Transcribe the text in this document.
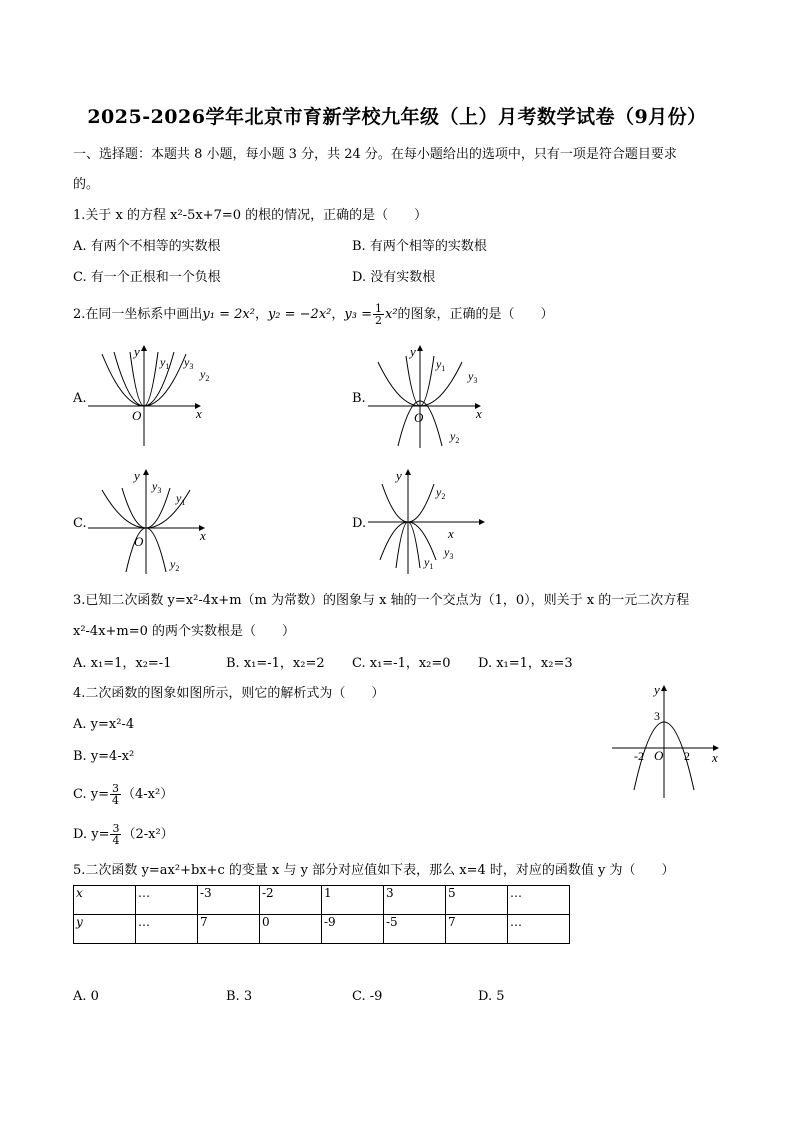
2025-2026学年北京市育新学校九年级（上）月考数学试卷（9月份）
一、选择题：本题共 8 小题，每小题 3 分，共 24 分。在每小题给出的选项中，只有一项是符合题目要求
的。
1.关于 x 的方程 x²-5x+7=0 的根的情况，正确的是（　　）
A. 有两个不相等的实数根	B. 有两个相等的实数根
C. 有一个正根和一个负根	D. 没有实数根
2.在同一坐标系中画出y₁ = 2x²，y₂ = −2x²，$y_3 = \frac{1}{2} x^2$的图象，正确的是（　　）
A.	B.
C.	D.
y
x
O
$y_1$ $y_3$
$y_2$
y
x
O
$y_1$
$y_3$
$y_2$
y
x
O
$y_1$
$y_3$
$y_2$
y
x
$y_2$
$y_3$
$y_1$
3.已知二次函数 y=x²-4x+m（m 为常数）的图象与 x 轴的一个交点为（1，0），则关于 x 的一元二次方程
x²-4x+m=0 的两个实数根是（　　）
A. x₁=1，x₂=-1	B. x₁=-1，x₂=2 C. x₁=-1，x₂=0 D. x₁=1，x₂=3
4.二次函数的图象如图所示，则它的解析式为（　　）
A. y=x²-4
B. y=4-x²
C. $y= \frac{3}{4} (4-x^2)$
D. $y= \frac{3}{4} (2-x^2)$
y
x
O
3
-2	2
5.二次函数 y=ax²+bx+c 的变量 x 与 y 部分对应值如下表，那么 x=4 时，对应的函数值 y 为（　　）
x	…	-3	-2	1	3	5	…
y	…	7	0	-9	-5	7	…
A. 0	B. 3	C. -9	D. 5
